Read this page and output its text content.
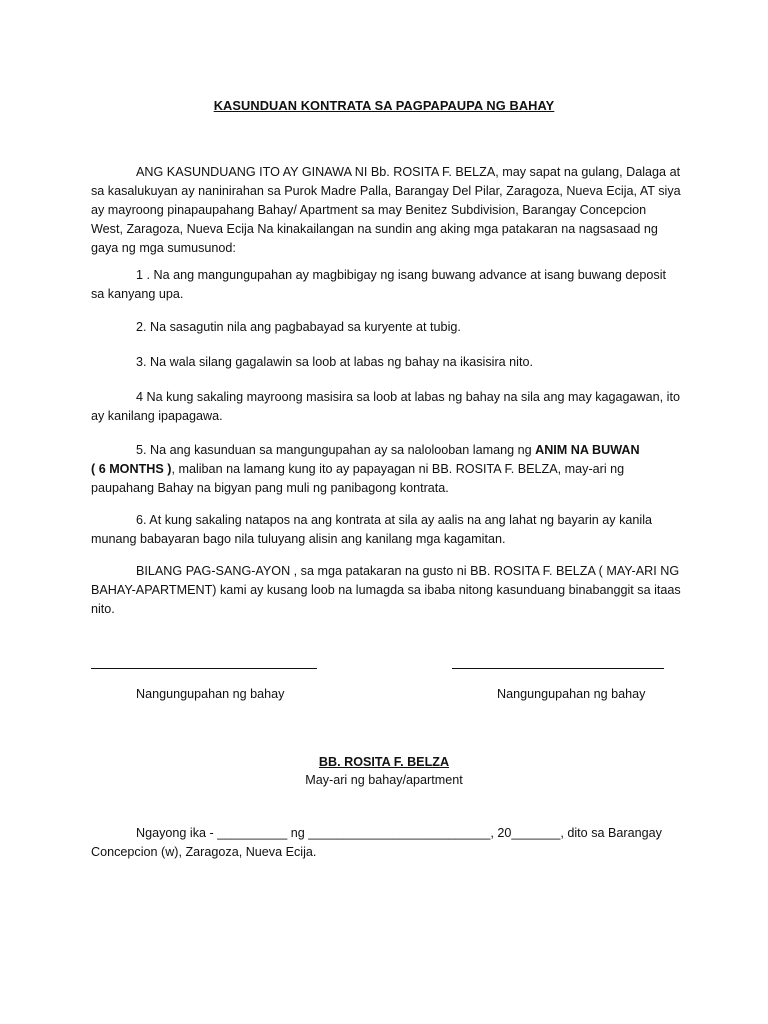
KASUNDUAN KONTRATA SA PAGPAPAUPA NG BAHAY

ANG KASUNDUANG ITO AY GINAWA NI Bb. ROSITA F. BELZA, may sapat na gulang, Dalaga at sa kasalukuyan ay naninirahan sa Purok Madre Palla, Barangay Del Pilar, Zaragoza, Nueva Ecija, AT siya ay mayroong pinapaupahang Bahay/ Apartment sa may Benitez Subdivision, Barangay Concepcion West, Zaragoza, Nueva Ecija Na kinakailangan na sundin ang aking mga patakaran na nagsasaad ng gaya ng mga sumusunod:

1 . Na ang mangungupahan ay magbibigay ng isang buwang advance at isang buwang deposit sa kanyang upa.

2. Na sasagutin nila ang pagbabayad sa kuryente at tubig.

3. Na wala silang gagalawin sa loob at labas ng bahay na ikasisira nito.

4 Na kung sakaling mayroong masisira sa loob at labas ng bahay na sila ang may kagagawan, ito ay kanilang ipapagawa.

5. Na ang kasunduan sa mangungupahan ay sa nalolooban lamang ng ANIM NA BUWAN
( 6 MONTHS ), maliban na lamang kung ito ay papayagan ni BB. ROSITA F. BELZA, may-ari ng paupahang Bahay na bigyan pang muli ng panibagong kontrata.

6. At kung sakaling natapos na ang kontrata at sila ay aalis na ang lahat ng bayarin ay kanila munang babayaran bago nila tuluyang alisin ang kanilang mga kagamitan.

BILANG PAG-SANG-AYON , sa mga patakaran na gusto ni BB. ROSITA F. BELZA ( MAY-ARI NG BAHAY-APARTMENT) kami ay kusang loob na lumagda sa ibaba nitong kasunduang binabanggit sa itaas nito.

Nangungupahan ng bahay	Nangungupahan ng bahay
BB. ROSITA F. BELZA
May-ari ng bahay/apartment

Ngayong ika - __________ ng __________________________, 20_______, dito sa Barangay Concepcion (w), Zaragoza, Nueva Ecija.
